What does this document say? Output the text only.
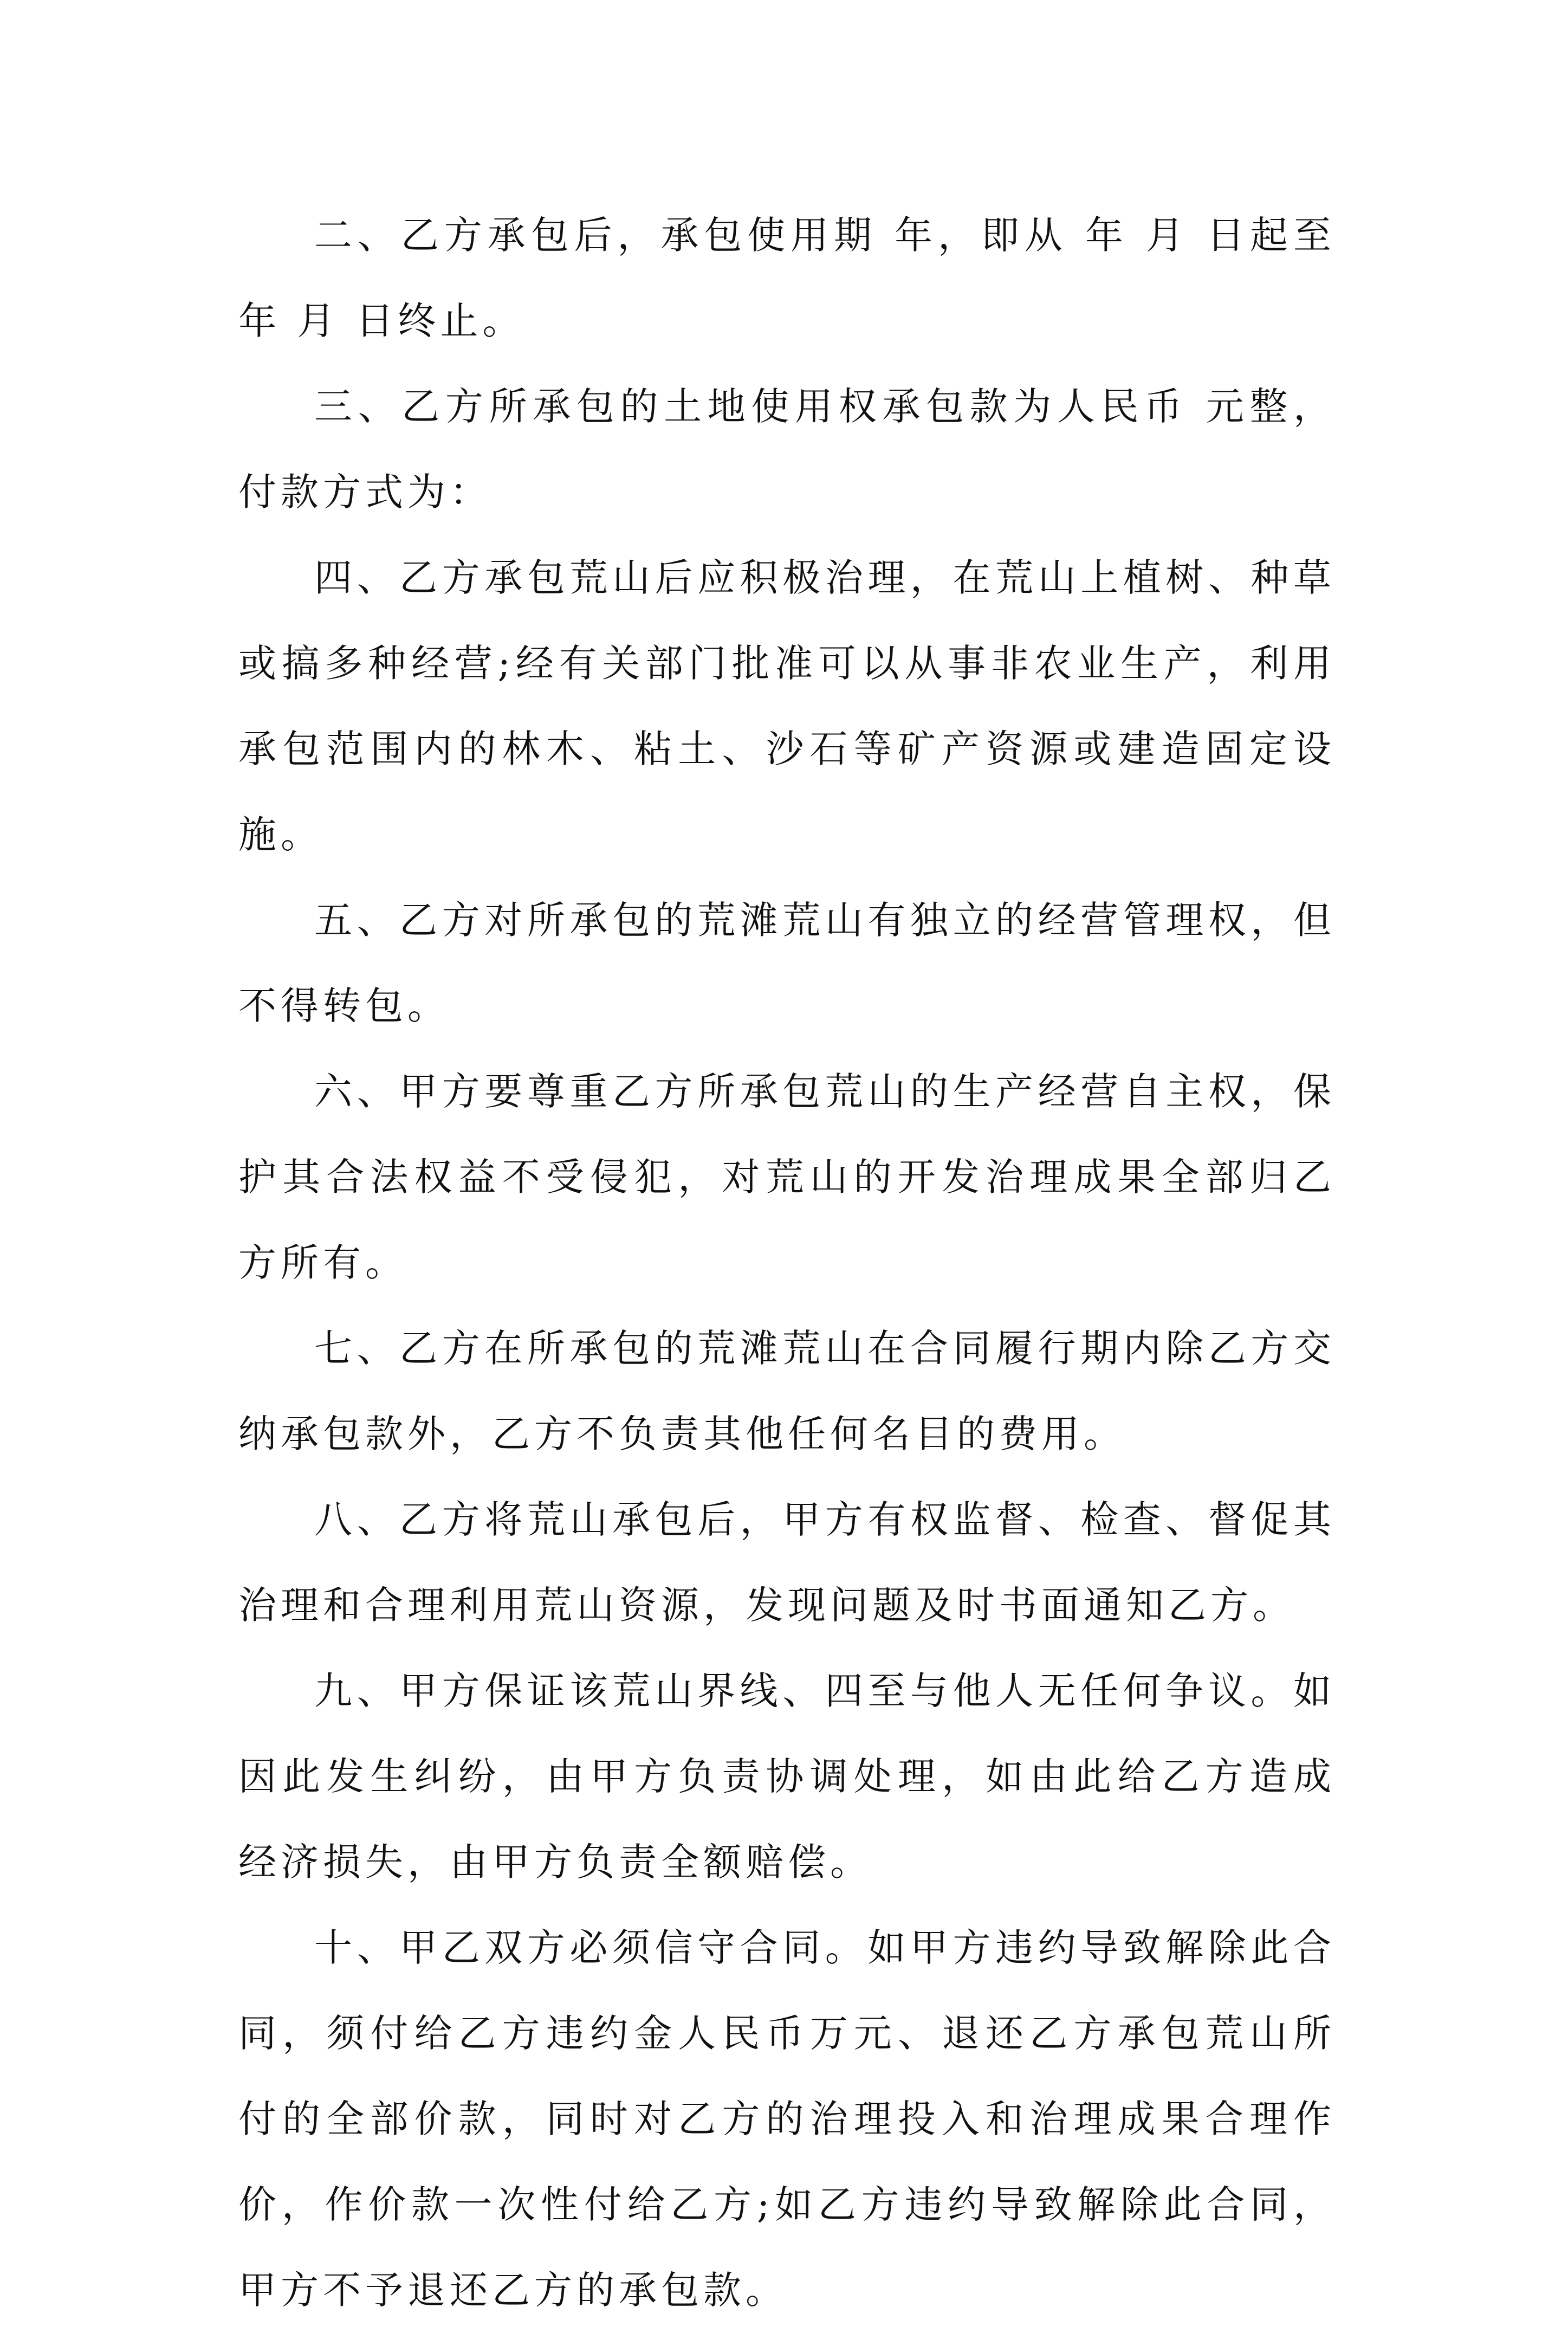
二、乙方承包后，承包使用期 年，即从 年 月 日起至 年 月 日终止。

三、乙方所承包的土地使用权承包款为人民币 元整，付款方式为：

四、乙方承包荒山后应积极治理，在荒山上植树、种草或搞多种经营;经有关部门批准可以从事非农业生产，利用承包范围内的林木、粘土、沙石等矿产资源或建造固定设施。

五、乙方对所承包的荒滩荒山有独立的经营管理权，但不得转包。

六、甲方要尊重乙方所承包荒山的生产经营自主权，保护其合法权益不受侵犯，对荒山的开发治理成果全部归乙方所有。

七、乙方在所承包的荒滩荒山在合同履行期内除乙方交纳承包款外，乙方不负责其他任何名目的费用。

八、乙方将荒山承包后，甲方有权监督、检查、督促其治理和合理利用荒山资源，发现问题及时书面通知乙方。

九、甲方保证该荒山界线、四至与他人无任何争议。如因此发生纠纷，由甲方负责协调处理，如由此给乙方造成经济损失，由甲方负责全额赔偿。

十、甲乙双方必须信守合同。如甲方违约导致解除此合同，须付给乙方违约金人民币万元、退还乙方承包荒山所付的全部价款，同时对乙方的治理投入和治理成果合理作价，作价款一次性付给乙方;如乙方违约导致解除此合同，甲方不予退还乙方的承包款。
